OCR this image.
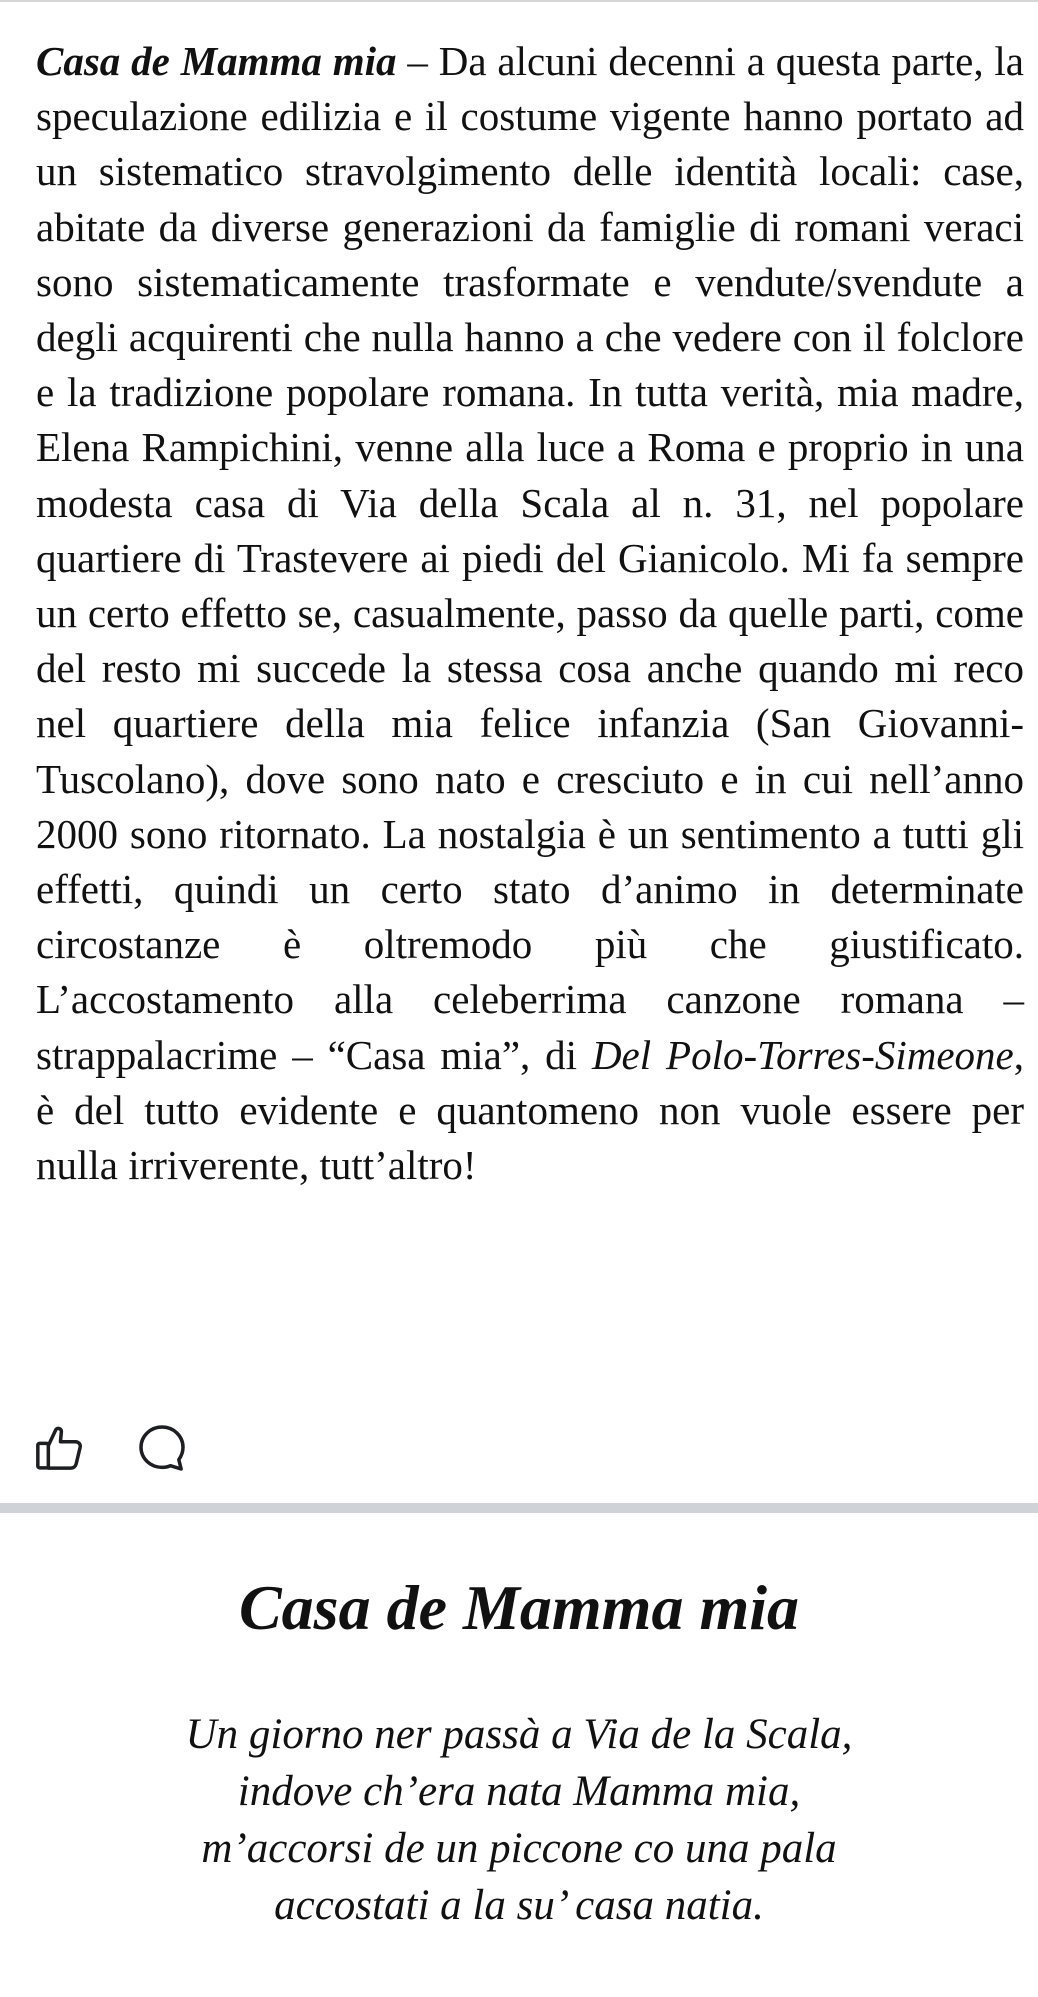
Casa de Mamma mia – Da alcuni decenni a questa parte, la speculazione edilizia e il costume vigente hanno portato ad un sistematico stravolgimento delle identità locali: case, abitate da diverse generazioni da famiglie di romani veraci sono sistematicamente trasformate e vendute/svendute a degli acquirenti che nulla hanno a che vedere con il folclore e la tradizione popolare romana. In tutta verità, mia madre, Elena Rampichini, venne alla luce a Roma e proprio in una modesta casa di Via della Scala al n. 31, nel popolare quartiere di Trastevere ai piedi del Gianicolo. Mi fa sempre un certo effetto se, casualmente, passo da quelle parti, come del resto mi succede la stessa cosa anche quando mi reco nel quartiere della mia felice infanzia (San Giovanni-Tuscolano), dove sono nato e cresciuto e in cui nell’anno 2000 sono ritornato. La nostalgia è un sentimento a tutti gli effetti, quindi un certo stato d’animo in determinate circostanze è oltremodo più che giustificato. L’accostamento alla celeberrima canzone romana – strappalacrime – “Casa mia”, di Del Polo-Torres-Simeone, è del tutto evidente e quantomeno non vuole essere per nulla irriverente, tutt’altro!
Casa de Mamma mia
Un giorno ner passà a Via de la Scala,
indove ch’era nata Mamma mia,
m’accorsi de un piccone co una pala
accostati a la su’ casa natia.
